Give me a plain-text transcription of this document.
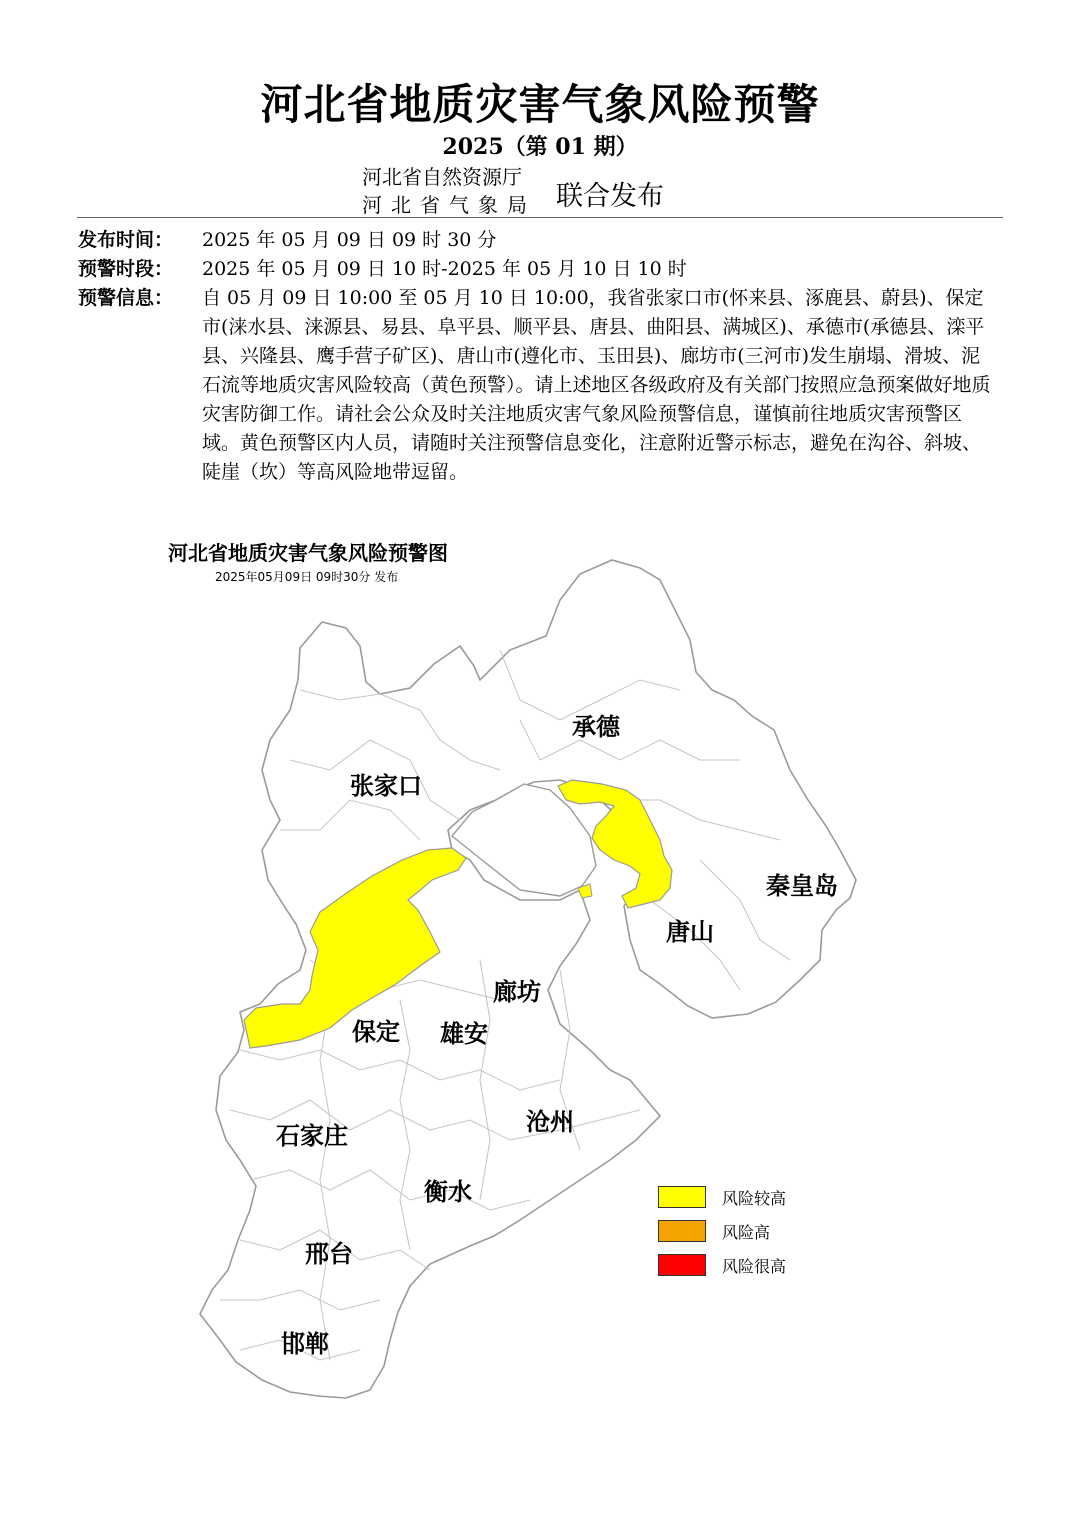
河北省地质灾害气象风险预警
2025（第 01 期）
河北省自然资源厅
河北省气象局 联合发布
发布时间：	2025 年 05 月 09 日 09 时 30 分
预警时段：	2025 年 05 月 09 日 10 时-2025 年 05 月 10 日 10 时
预警信息：	自 05 月 09 日 10:00 至 05 月 10 日 10:00，我省张家口市(怀来县、涿鹿县、蔚县)、保定市(涞水县、涞源县、易县、阜平县、顺平县、唐县、曲阳县、满城区)、承德市(承德县、滦平县、兴隆县、鹰手营子矿区)、唐山市(遵化市、玉田县)、廊坊市(三河市)发生崩塌、滑坡、泥石流等地质灾害风险较高（黄色预警）。请上述地区各级政府及有关部门按照应急预案做好地质灾害防御工作。请社会公众及时关注地质灾害气象风险预警信息，谨慎前往地质灾害预警区域。黄色预警区内人员，请随时关注预警信息变化，注意附近警示标志，避免在沟谷、斜坡、陡崖（坎）等高风险地带逗留。
河北省地质灾害气象风险预警图
2025年05月09日 09时30分 发布
承德
张家口
秦皇岛
唐山
廊坊
保定 雄安
沧州
石家庄
衡水
邢台
邯郸
风险较高
风险高
风险很高
